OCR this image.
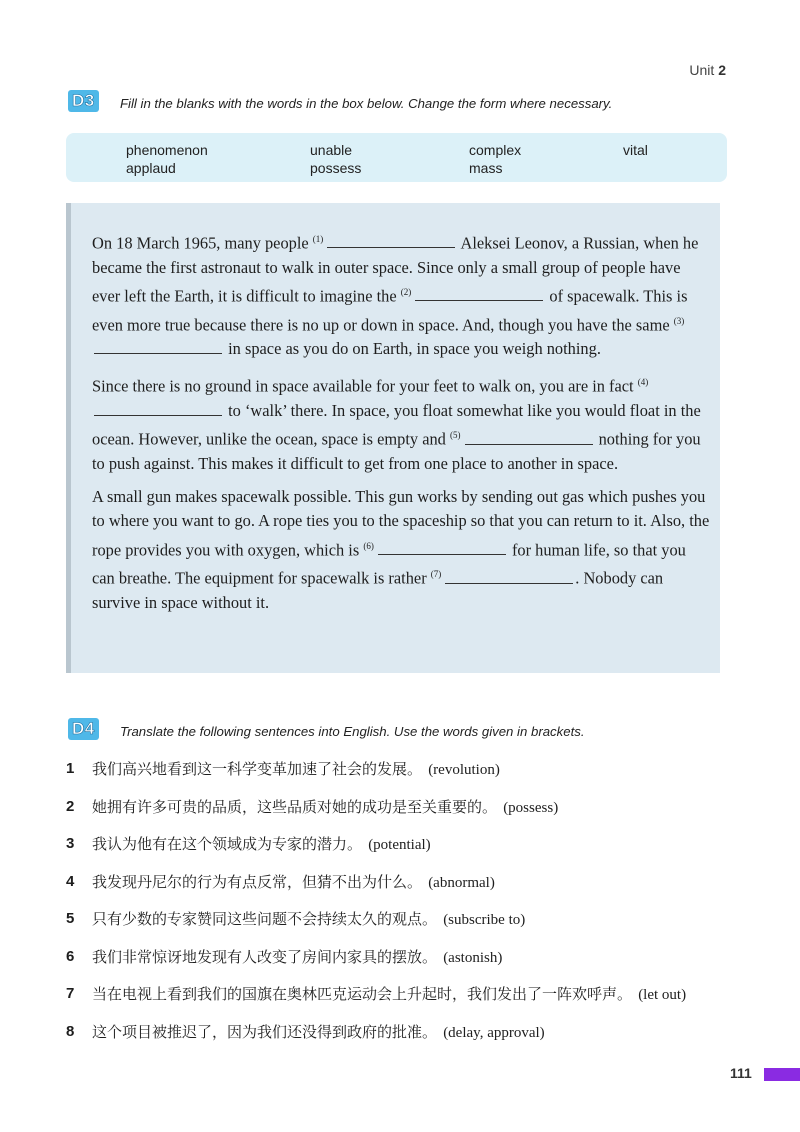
Unit 2
D3	Fill in the blanks with the words in the box below. Change the form where necessary.
phenomenon	unable	complex	vital
applaud	possess	mass

On 18 March 1965, many people $^{(1)}$	Aleksei Leonov, a Russian, when he became the first astronaut to walk in outer space. Since only a small group of people have ever left the Earth, it is difficult to imagine the $^{(2)}$	of spacewalk. This is even more true because there is no up or down in space. And, though you have the same $^{(3)}$ in space as you do on Earth, in space you weigh nothing.

Since there is no ground in space available for your feet to walk on, you are in fact $^{(4)}$ to ‘walk’ there. In space, you float somewhat like you would float in the ocean. However, unlike the ocean, space is empty and $^{(5)}$	nothing for you to push against. This makes it difficult to get from one place to another in space.

A small gun makes spacewalk possible. This gun works by sending out gas which pushes you to where you want to go. A rope ties you to the spaceship so that you can return to it. Also, the rope provides you with oxygen, which is $^{(6)}$	for human life, so that you can breathe. The equipment for spacewalk is rather $^{(7)}$	. Nobody can survive in space without it.

D4	Translate the following sentences into English. Use the words given in brackets.
1 我们高兴地看到这一科学变革加速了社会的发展。 (revolution)
2 她拥有许多可贵的品质，这些品质对她的成功是至关重要的。 (possess)
3 我认为他有在这个领域成为专家的潜力。 (potential)
4 我发现丹尼尔的行为有点反常，但猜不出为什么。 (abnormal)
5 只有少数的专家赞同这些问题不会持续太久的观点。 (subscribe to)
6 我们非常惊讶地发现有人改变了房间内家具的摆放。 (astonish)
7 当在电视上看到我们的国旗在奥林匹克运动会上升起时，我们发出了一阵欢呼声。 (let out)
8 这个项目被推迟了，因为我们还没得到政府的批准。 (delay, approval)
111
